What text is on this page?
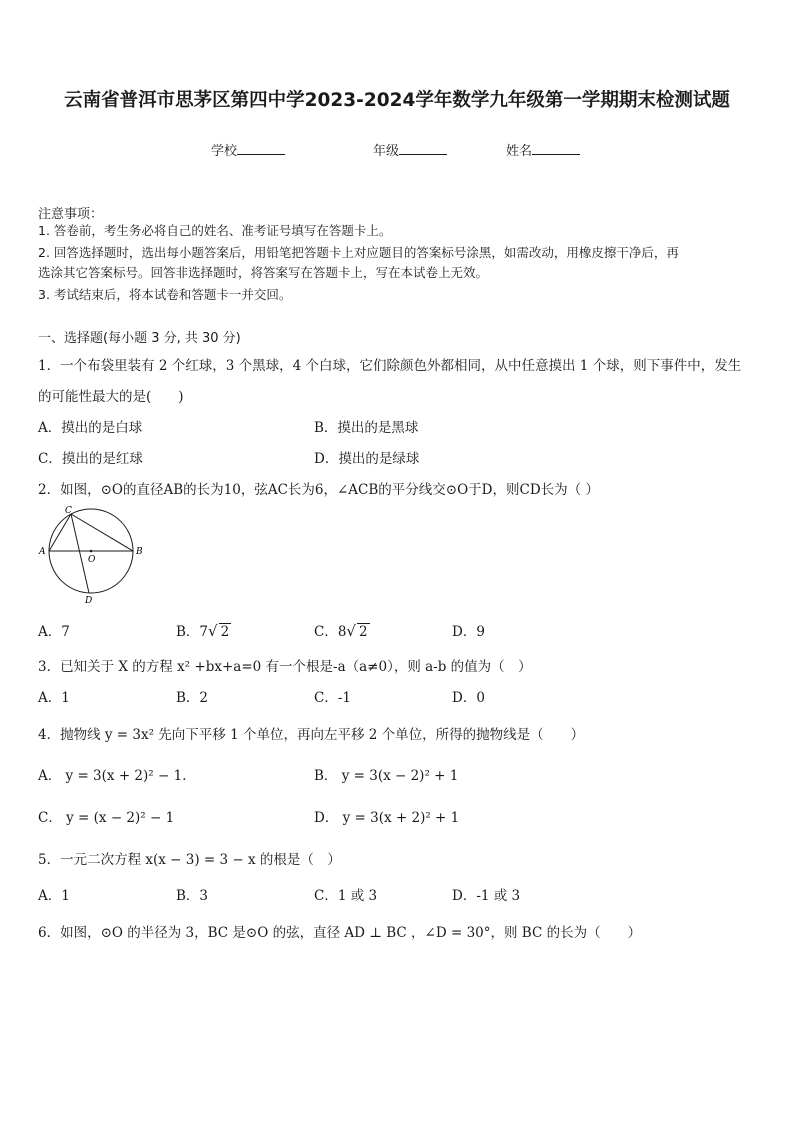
云南省普洱市思茅区第四中学2023-2024学年数学九年级第一学期期末检测试题
学校	年级	姓名
注意事项：
1. 答卷前，考生务必将自己的姓名、准考证号填写在答题卡上。
2. 回答选择题时，选出每小题答案后，用铅笔把答题卡上对应题目的答案标号涂黑，如需改动，用橡皮擦干净后，再
选涂其它答案标号。回答非选择题时，将答案写在答题卡上，写在本试卷上无效。
3. 考试结束后，将本试卷和答题卡一并交回。
一、选择题(每小题 3 分, 共 30 分)
1．一个布袋里装有 2 个红球，3 个黑球，4 个白球，它们除颜色外都相同，从中任意摸出 1 个球，则下事件中，发生
的可能性最大的是(　　)
A．摸出的是白球	B．摸出的是黑球
C．摸出的是红球	D．摸出的是绿球
2．如图，⊙O的直径AB的长为10，弦AC长为6，∠ACB的平分线交⊙O于D，则CD长为（ ）
C
A	B
O
D
A．7	B．7√ 2	C．8√ 2	D．9
3．已知关于 X 的方程 x² +bx+a=0 有一个根是-a（a≠0），则 a-b 的值为（　）
A．1	B．2	C．-1	D．0
4．抛物线 y = 3x² 先向下平移 1 个单位，再向左平移 2 个单位，所得的抛物线是（　　）
A． y = 3(x + 2)² − 1.	B． y = 3(x − 2)² + 1
C． y = (x − 2)² − 1	D． y = 3(x + 2)² + 1
5．一元二次方程 x(x − 3) = 3 − x 的根是（　）
A．1	B．3	C．1 或 3	D．-1 或 3
6．如图，⊙O 的半径为 3，BC 是⊙O 的弦，直径 AD ⊥ BC ，∠D = 30°，则 BC 的长为（　　）
